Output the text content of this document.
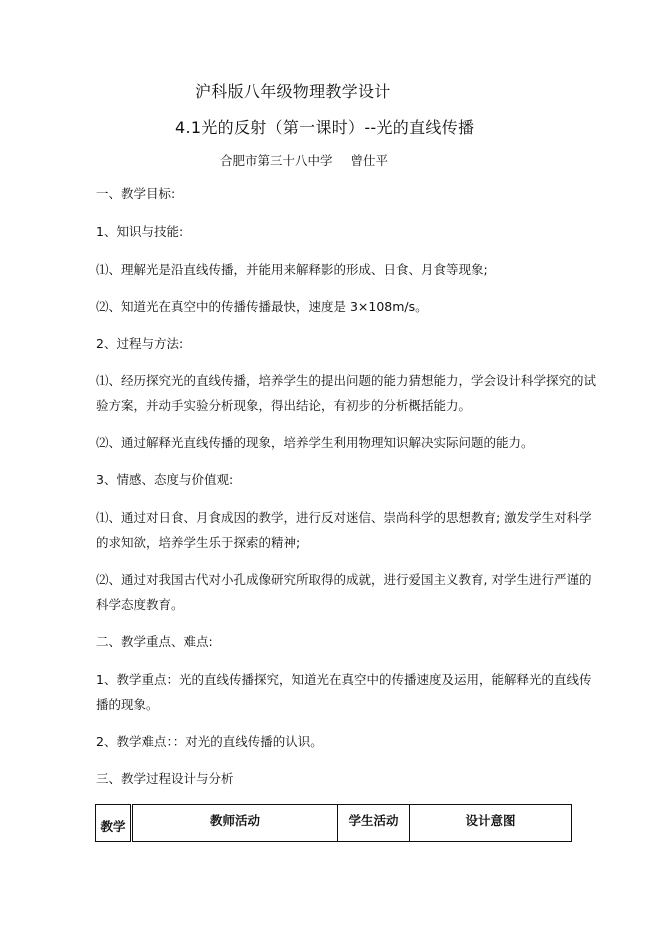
沪科版八年级物理教学设计
4.1光的反射（第一课时）--光的直线传播
合肥市第三十八中学 曾仕平
一、教学目标:
1、知识与技能:
⑴、理解光是沿直线传播，并能用来解释影的形成、日食、月食等现象;
⑵、知道光在真空中的传播传播最快，速度是 3×108m/s。
2、过程与方法:
⑴、经历探究光的直线传播，培养学生的提出问题的能力猜想能力，学会设计科学探究的试
验方案，并动手实验分析现象，得出结论，有初步的分析概括能力。
⑵、通过解释光直线传播的现象，培养学生利用物理知识解决实际问题的能力。
3、情感、态度与价值观:
⑴、通过对日食、月食成因的教学，进行反对迷信、崇尚科学的思想教育; 激发学生对科学
的求知欲，培养学生乐于探索的精神;
⑵、通过对我国古代对小孔成像研究所取得的成就，进行爱国主义教育, 对学生进行严谨的
科学态度教育。
二、教学重点、难点:
1、教学重点：光的直线传播探究，知道光在真空中的传播速度及运用，能解释光的直线传
播的现象。
2、教学难点：：对光的直线传播的认识。
三、教学过程设计与分析
教学	教师活动	学生活动	设计意图
